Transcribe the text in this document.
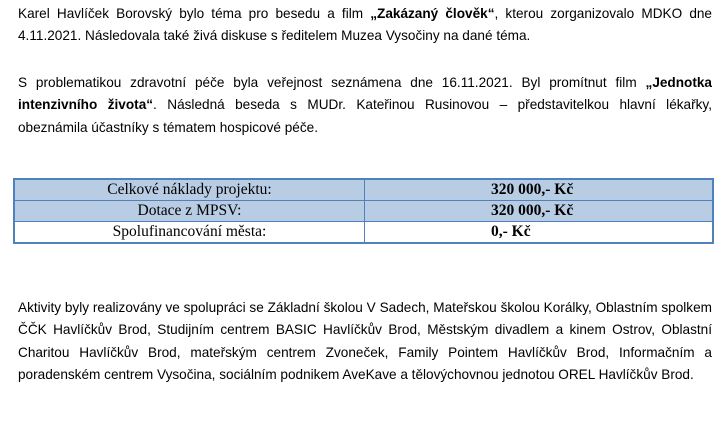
Karel Havlíček Borovský bylo téma pro besedu a film „Zakázaný člověk“, kterou zorganizovalo MDKO dne 4.11.2021. Následovala také živá diskuse s ředitelem Muzea Vysočiny na dané téma.

S problematikou zdravotní péče byla veřejnost seznámena dne 16.11.2021. Byl promítnut film „Jednotka intenzivního života“. Následná beseda s MUDr. Kateřinou Rusinovou – představitelkou hlavní lékařky, obeznámila účastníky s tématem hospicové péče.

Celkové náklady projektu:	320 000,- Kč
Dotace z MPSV:	320 000,- Kč
Spolufinancování města:	0,- Kč

Aktivity byly realizovány ve spolupráci se Základní školou V Sadech, Mateřskou školou Korálky, Oblastním spolkem ČČK Havlíčkův Brod, Studijním centrem BASIC Havlíčkův Brod, Městským divadlem a kinem Ostrov, Oblastní Charitou Havlíčkův Brod, mateřským centrem Zvoneček, Family Pointem Havlíčkův Brod, Informačním a poradenském centrem Vysočina, sociálním podnikem AveKave a tělovýchovnou jednotou OREL Havlíčkův Brod.
